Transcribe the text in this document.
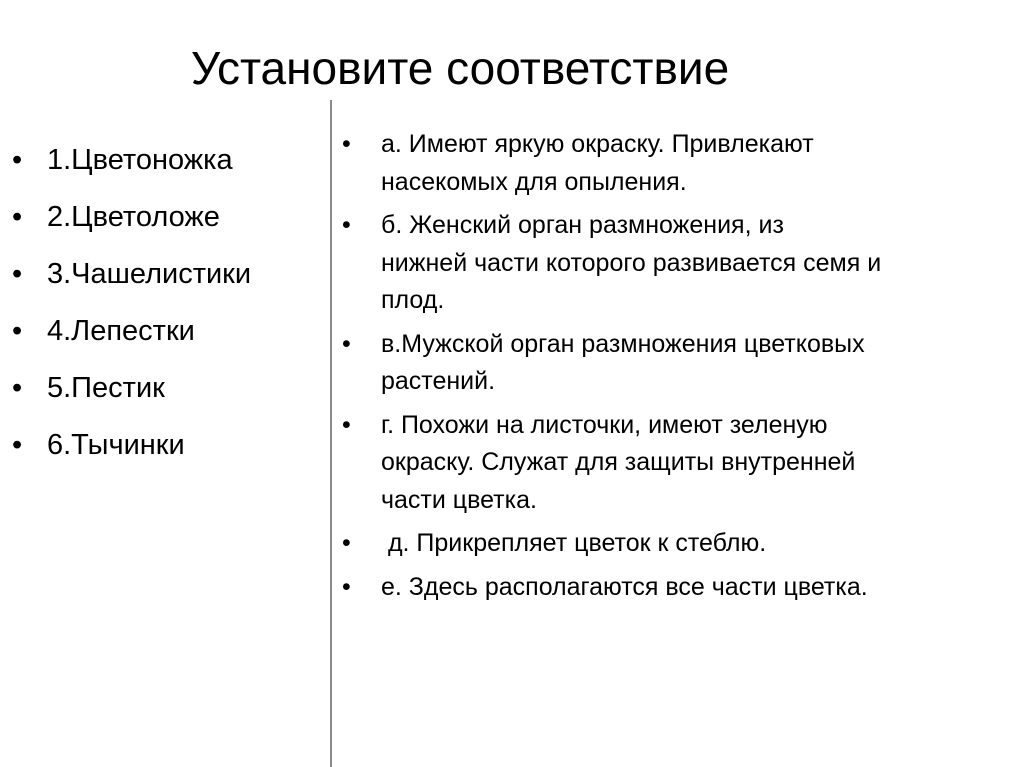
Установите соответствие
• 1.Цветоножка
• 2.Цветоложе
• 3.Чашелистики
• 4.Лепестки
• 5.Пестик
• 6.Тычинки
• а. Имеют яркую окраску. Привлекают
насекомых для опыления.
• б. Женский орган размножения, из
нижней части которого развивается семя и
плод.
• в.Мужской орган размножения цветковых
растений.
• г. Похожи на листочки, имеют зеленую
окраску. Служат для защиты внутренней
части цветка.
• д. Прикрепляет цветок к стеблю.
• е. Здесь располагаются все части цветка.
